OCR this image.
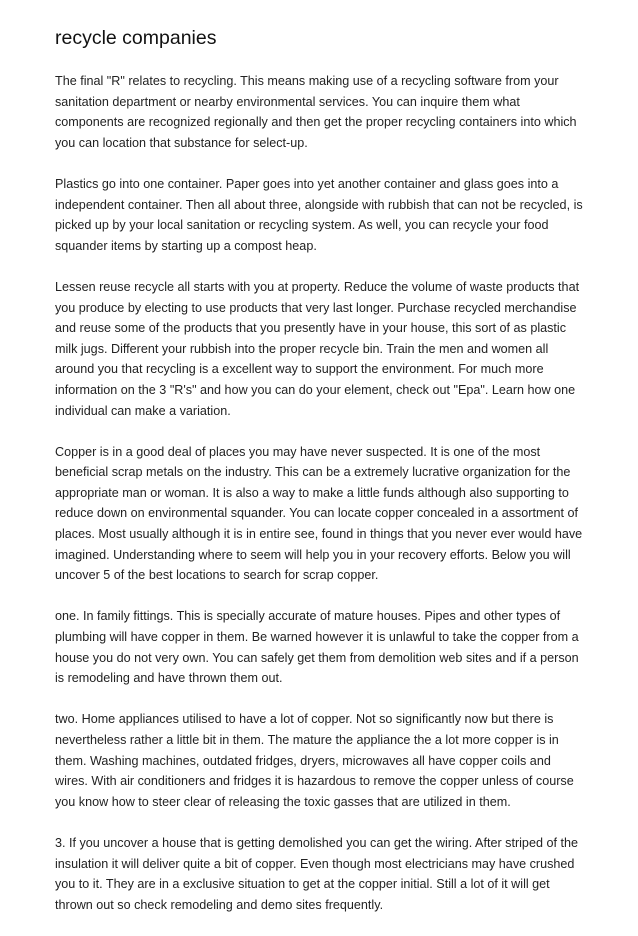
recycle companies

The final "R" relates to recycling. This means making use of a recycling software from your sanitation department or nearby environmental services. You can inquire them what components are recognized regionally and then get the proper recycling containers into which you can location that substance for select-up.

Plastics go into one container. Paper goes into yet another container and glass goes into a independent container. Then all about three, alongside with rubbish that can not be recycled, is picked up by your local sanitation or recycling system. As well, you can recycle your food squander items by starting up a compost heap.

Lessen reuse recycle all starts with you at property. Reduce the volume of waste products that you produce by electing to use products that very last longer. Purchase recycled merchandise and reuse some of the products that you presently have in your house, this sort of as plastic milk jugs. Different your rubbish into the proper recycle bin. Train the men and women all around you that recycling is a excellent way to support the environment. For much more information on the 3 "R's" and how you can do your element, check out "Epa". Learn how one individual can make a variation.

Copper is in a good deal of places you may have never suspected. It is one of the most beneficial scrap metals on the industry. This can be a extremely lucrative organization for the appropriate man or woman. It is also a way to make a little funds although also supporting to reduce down on environmental squander. You can locate copper concealed in a assortment of places. Most usually although it is in entire see, found in things that you never ever would have imagined. Understanding where to seem will help you in your recovery efforts. Below you will uncover 5 of the best locations to search for scrap copper.

one. In family fittings. This is specially accurate of mature houses. Pipes and other types of plumbing will have copper in them. Be warned however it is unlawful to take the copper from a house you do not very own. You can safely get them from demolition web sites and if a person is remodeling and have thrown them out.

two. Home appliances utilised to have a lot of copper. Not so significantly now but there is nevertheless rather a little bit in them. The mature the appliance the a lot more copper is in them. Washing machines, outdated fridges, dryers, microwaves all have copper coils and wires. With air conditioners and fridges it is hazardous to remove the copper unless of course you know how to steer clear of releasing the toxic gasses that are utilized in them.

3. If you uncover a house that is getting demolished you can get the wiring. After striped of the insulation it will deliver quite a bit of copper. Even though most electricians may have crushed you to it. They are in a exclusive situation to get at the copper initial. Still a lot of it will get thrown out so check remodeling and demo sites frequently.
